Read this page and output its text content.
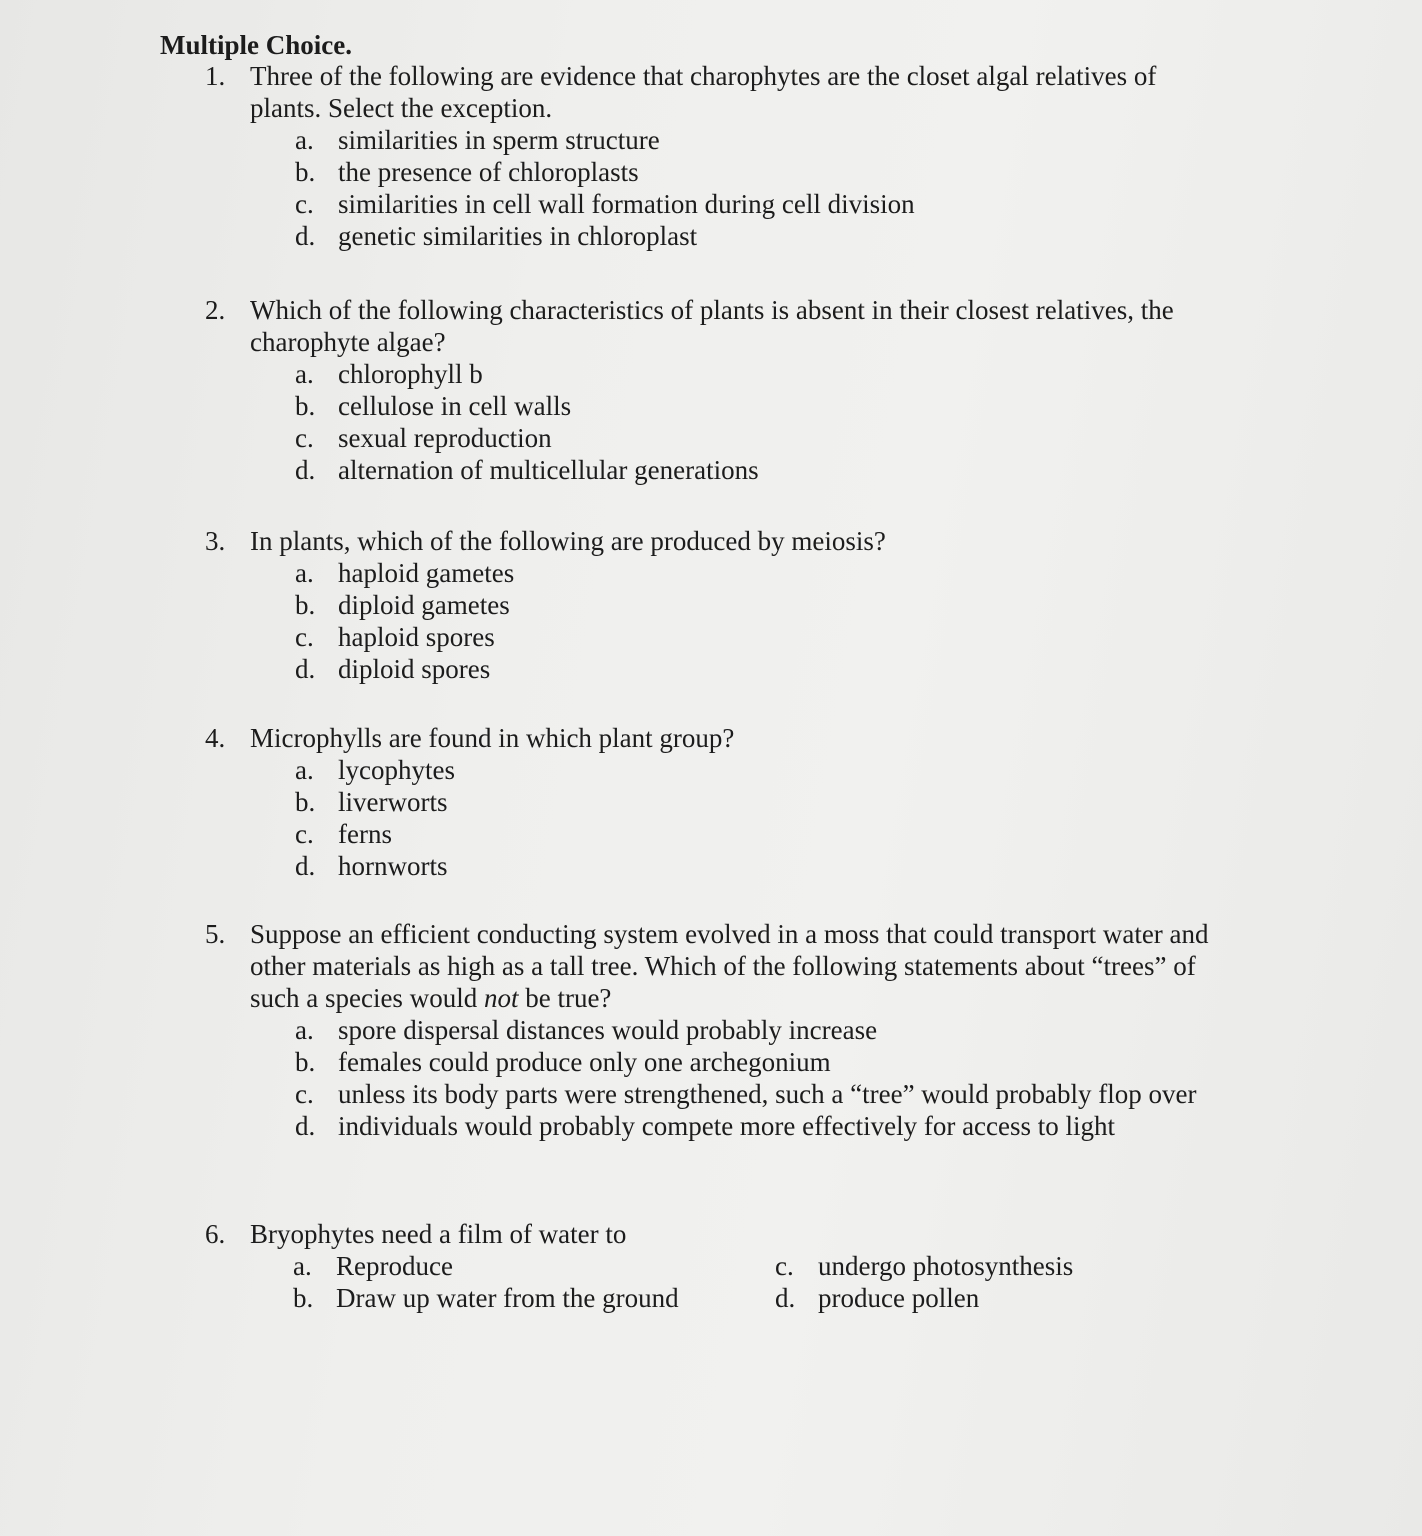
Multiple Choice.
1. Three of the following are evidence that charophytes are the closet algal relatives of plants. Select the exception.
a. similarities in sperm structure
b. the presence of chloroplasts
c. similarities in cell wall formation during cell division
d. genetic similarities in chloroplast
2. Which of the following characteristics of plants is absent in their closest relatives, the charophyte algae?
a. chlorophyll b
b. cellulose in cell walls
c. sexual reproduction
d. alternation of multicellular generations
3. In plants, which of the following are produced by meiosis?
a. haploid gametes
b. diploid gametes
c. haploid spores
d. diploid spores
4. Microphylls are found in which plant group?
a. lycophytes
b. liverworts
c. ferns
d. hornworts
5. Suppose an efficient conducting system evolved in a moss that could transport water and other materials as high as a tall tree. Which of the following statements about “trees” of such a species would not be true?
a. spore dispersal distances would probably increase
b. females could produce only one archegonium
c. unless its body parts were strengthened, such a “tree” would probably flop over
d. individuals would probably compete more effectively for access to light
6. Bryophytes need a film of water to
a. Reproduce
b. Draw up water from the ground
c. undergo photosynthesis
d. produce pollen
